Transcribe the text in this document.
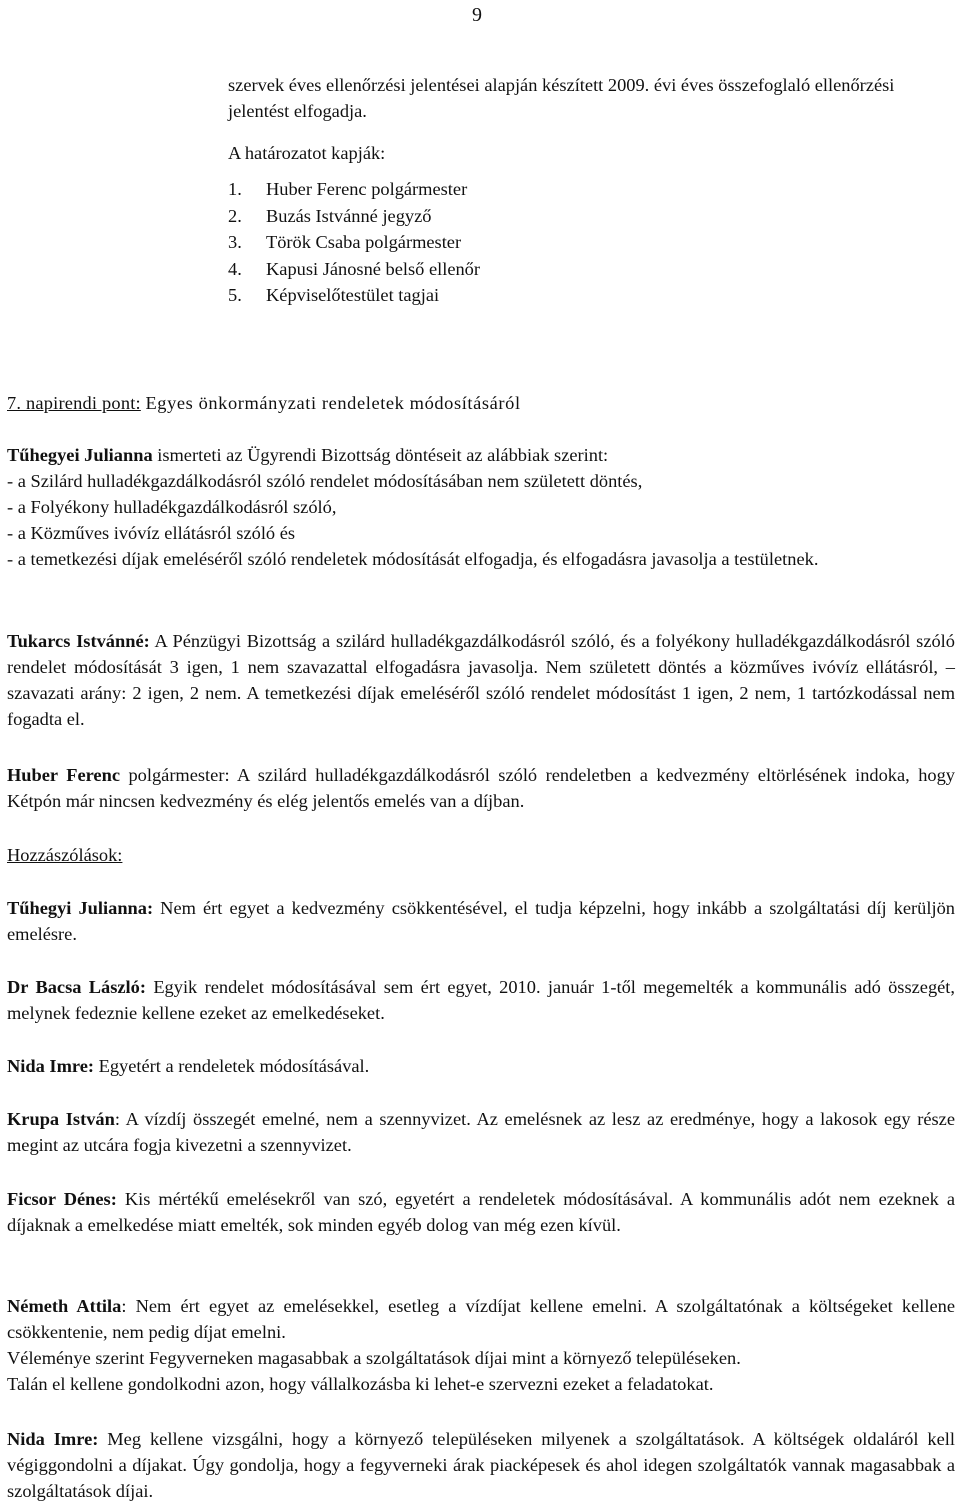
9
szervek éves ellenőrzési jelentései alapján készített 2009. évi éves összefoglaló ellenőrzési jelentést elfogadja.
A határozatot kapják:
1.	Huber Ferenc polgármester
2.	Buzás Istvánné jegyző
3.	Török Csaba polgármester
4.	Kapusi Jánosné belső ellenőr
5.	Képviselőtestület tagjai
7. napirendi pont: Egyes önkormányzati rendeletek módosításáról
Tűhegyei Julianna ismerteti az Ügyrendi Bizottság döntéseit az alábbiak szerint:
- a Szilárd hulladékgazdálkodásról szóló rendelet módosításában nem született döntés,
- a Folyékony hulladékgazdálkodásról szóló,
- a Közműves ivóvíz ellátásról szóló és
- a temetkezési díjak emeléséről szóló rendeletek módosítását elfogadja, és elfogadásra javasolja a testületnek.
Tukarcs Istvánné: A Pénzügyi Bizottság a szilárd hulladékgazdálkodásról szóló, és a folyékony hulladékgazdálkodásról szóló rendelet módosítását 3 igen, 1 nem szavazattal elfogadásra javasolja. Nem született döntés a közműves ivóvíz ellátásról, – szavazati arány: 2 igen, 2 nem. A temetkezési díjak emeléséről szóló rendelet módosítást 1 igen, 2 nem, 1 tartózkodással nem fogadta el.
Huber Ferenc polgármester: A szilárd hulladékgazdálkodásról szóló rendeletben a kedvezmény eltörlésének indoka, hogy Kétpón már nincsen kedvezmény és elég jelentős emelés van a díjban.
Hozzászólások:
Tűhegyi Julianna: Nem ért egyet a kedvezmény csökkentésével, el tudja képzelni, hogy inkább a szolgáltatási díj kerüljön emelésre.
Dr Bacsa László: Egyik rendelet módosításával sem ért egyet, 2010. január 1-től megemelték a kommunális adó összegét, melynek fedeznie kellene ezeket az emelkedéseket.
Nida Imre: Egyetért a rendeletek módosításával.
Krupa István: A vízdíj összegét emelné, nem a szennyvizet. Az emelésnek az lesz az eredménye, hogy a lakosok egy része megint az utcára fogja kivezetni a szennyvizet.
Ficsor Dénes: Kis mértékű emelésekről van szó, egyetért a rendeletek módosításával. A kommunális adót nem ezeknek a díjaknak a emelkedése miatt emelték, sok minden egyéb dolog van még ezen kívül.
Németh Attila: Nem ért egyet az emelésekkel, esetleg a vízdíjat kellene emelni. A szolgáltatónak a költségeket kellene csökkentenie, nem pedig díjat emelni.
Véleménye szerint Fegyverneken magasabbak a szolgáltatások díjai mint a környező településeken.
Talán el kellene gondolkodni azon, hogy vállalkozásba ki lehet-e szervezni ezeket a feladatokat.
Nida Imre: Meg kellene vizsgálni, hogy a környező településeken milyenek a szolgáltatások. A költségek oldaláról kell végiggondolni a díjakat. Úgy gondolja, hogy a fegyverneki árak piacképesek és ahol idegen szolgáltatók vannak magasabbak a szolgáltatások díjai.
